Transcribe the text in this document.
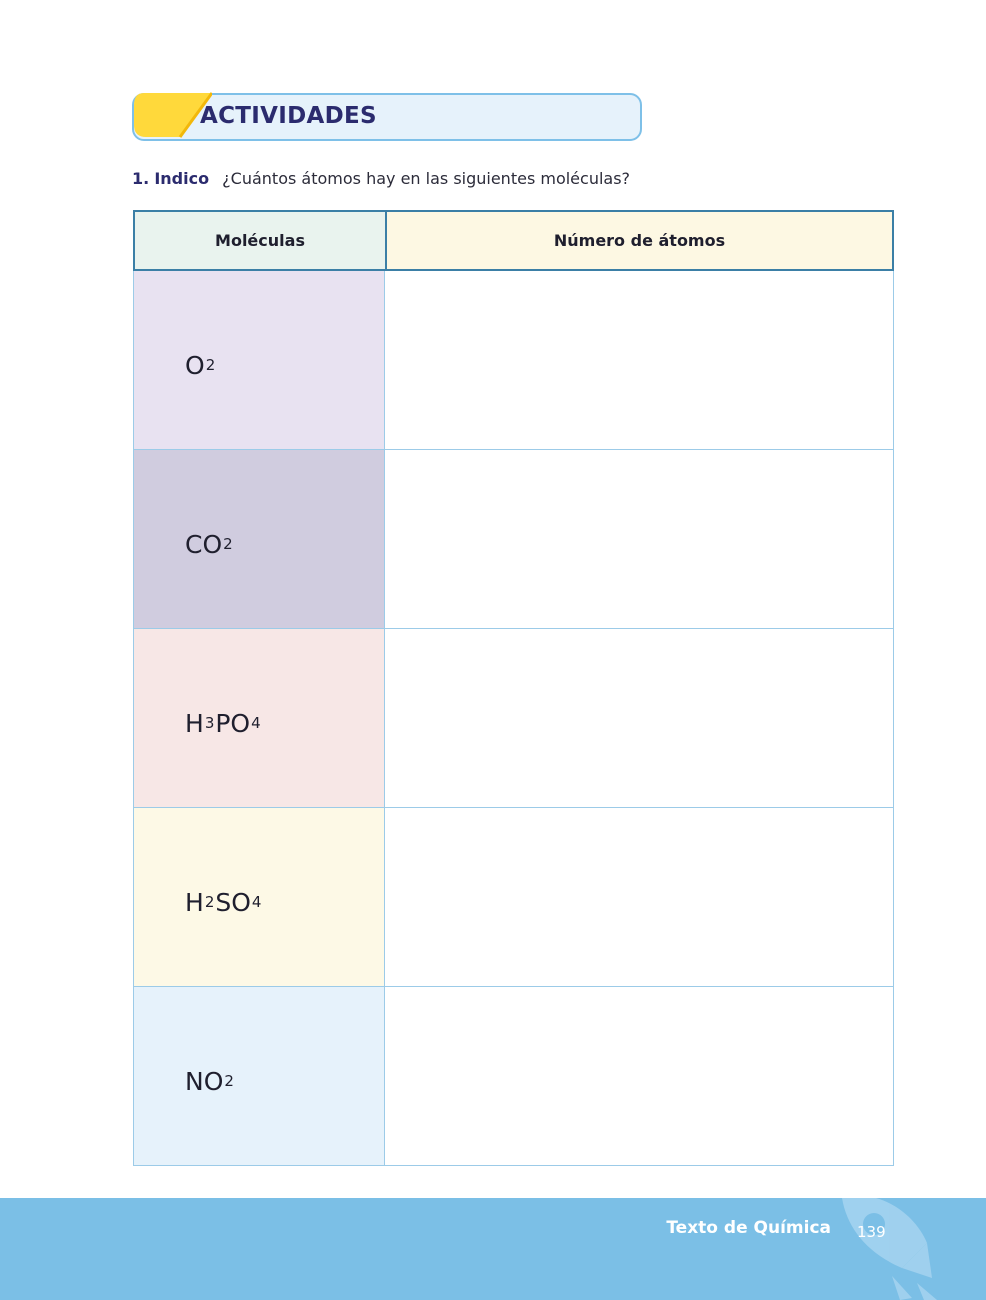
ACTIVIDADES
1. Indico ¿Cuántos átomos hay en las siguientes moléculas?
Moléculas	Número de átomos
O 2
CO 2
H 3 PO 4
H 2 SO 4
NO 2
Texto de Química 139
